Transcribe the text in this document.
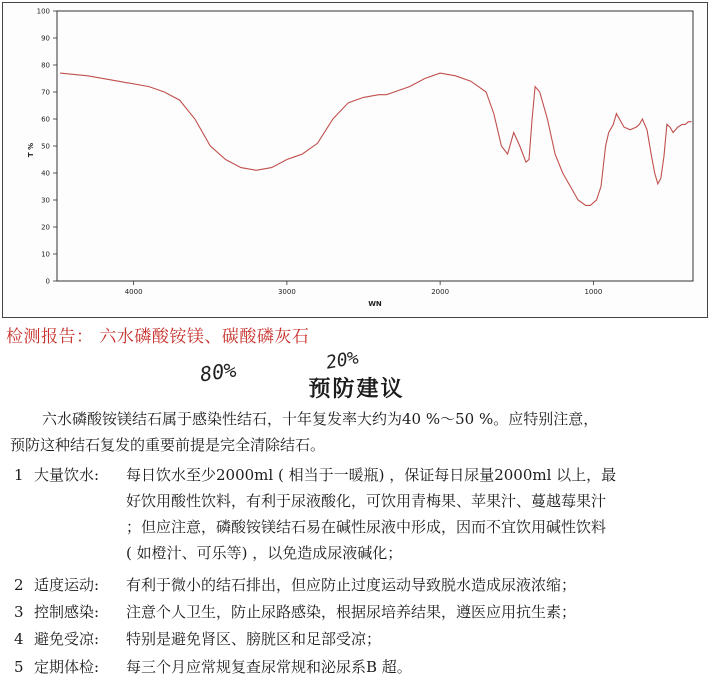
0
10
20
30
40
50
60
70
80
90
100
4000	3000	2000	1000
T %
WN
检测报告： 六水磷酸铵镁、碳酸磷灰石
80%	20%
预防建议

六水磷酸铵镁结石属于感染性结石，十年复发率大约为40 %～50 %。应特别注意，

预防这种结石复发的重要前提是完全清除结石。

1 大量饮水:	每日饮水至少2000ml ( 相当于一暖瓶) ，保证每日尿量2000ml 以上，最

好饮用酸性饮料，有利于尿液酸化，可饮用青梅果、苹果汁、蔓越莓果汁

；但应注意，磷酸铵镁结石易在碱性尿液中形成，因而不宜饮用碱性饮料

( 如橙汁、可乐等) ，以免造成尿液碱化；

2 适度运动:	有利于微小的结石排出，但应防止过度运动导致脱水造成尿液浓缩；

3 控制感染:	注意个人卫生，防止尿路感染，根据尿培养结果，遵医应用抗生素；

4 避免受凉:	特别是避免肾区、膀胱区和足部受凉；

5 定期体检:	每三个月应常规复查尿常规和泌尿系B 超。
